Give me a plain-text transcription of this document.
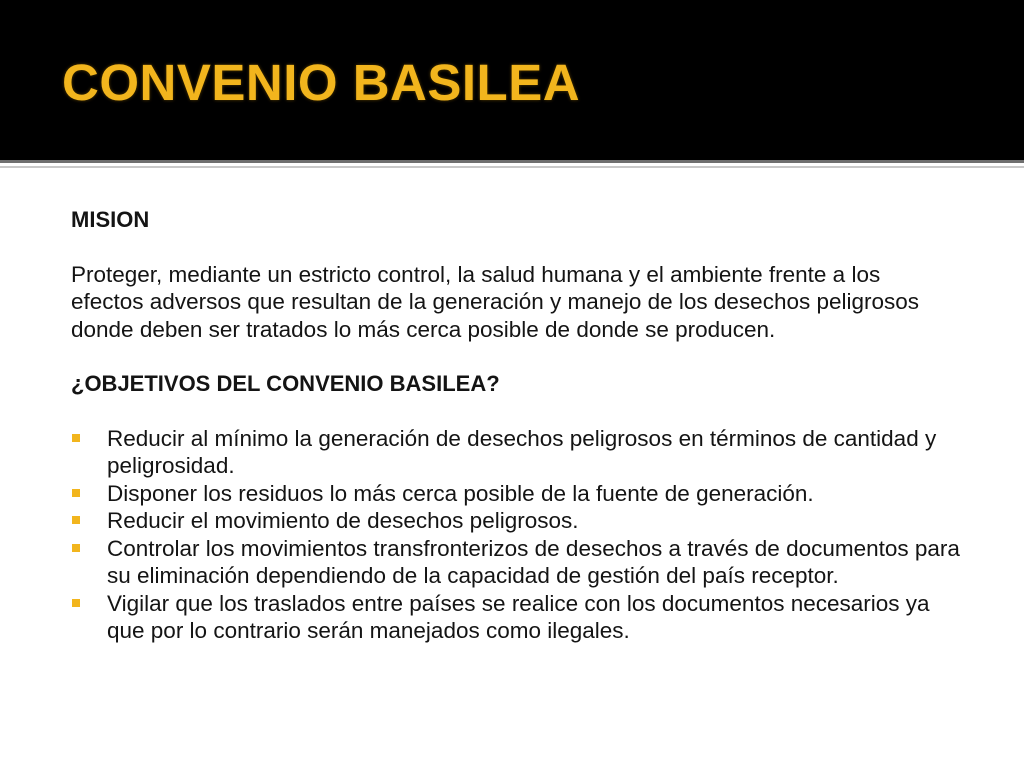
CONVENIO BASILEA

MISION

Proteger, mediante un estricto control, la salud humana y el ambiente frente a los efectos adversos que resultan de la generación y manejo de los desechos peligrosos donde deben ser tratados lo más cerca posible de donde se producen.

¿OBJETIVOS DEL CONVENIO BASILEA?

Reducir al mínimo la generación de desechos peligrosos en términos de cantidad y peligrosidad.
Disponer los residuos lo más cerca posible de la fuente de generación.
Reducir el movimiento de desechos peligrosos.
Controlar los movimientos transfronterizos de desechos a través de documentos para su eliminación dependiendo de la capacidad de gestión del país receptor.
Vigilar que los traslados entre países se realice con los documentos necesarios ya que por lo contrario serán manejados como ilegales.
